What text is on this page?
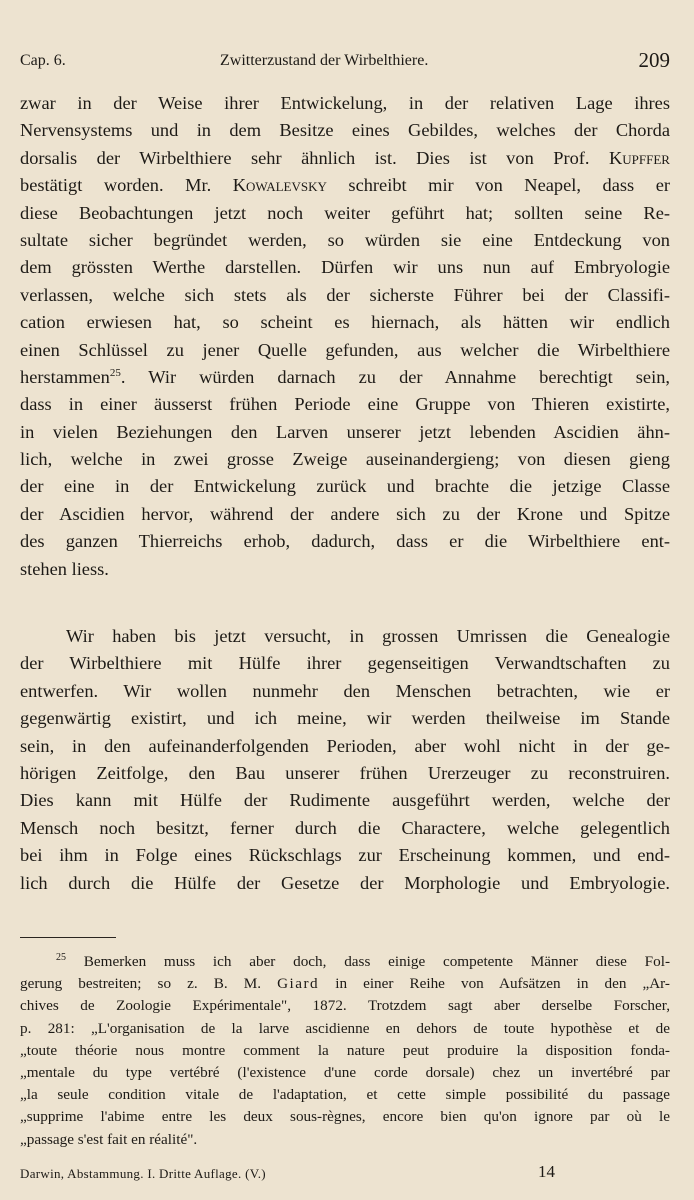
Cap. 6.	Zwitterzustand der Wirbelthiere.	209
zwar in der Weise ihrer Entwickelung, in der relativen Lage ihres
Nervensystems und in dem Besitze eines Gebildes, welches der Chorda
dorsalis der Wirbelthiere sehr ähnlich ist. Dies ist von Prof. Kupffer
bestätigt worden. Mr. Kowalevsky schreibt mir von Neapel, dass er
diese Beobachtungen jetzt noch weiter geführt hat; sollten seine Re-
sultate sicher begründet werden, so würden sie eine Entdeckung von
dem grössten Werthe darstellen. Dürfen wir uns nun auf Embryologie
verlassen, welche sich stets als der sicherste Führer bei der Classifi-
cation erwiesen hat, so scheint es hiernach, als hätten wir endlich
einen Schlüssel zu jener Quelle gefunden, aus welcher die Wirbelthiere
herstammen$^{25}$. Wir würden darnach zu der Annahme berechtigt sein,
dass in einer äusserst frühen Periode eine Gruppe von Thieren existirte,
in vielen Beziehungen den Larven unserer jetzt lebenden Ascidien ähn-
lich, welche in zwei grosse Zweige auseinandergieng; von diesen gieng
der eine in der Entwickelung zurück und brachte die jetzige Classe
der Ascidien hervor, während der andere sich zu der Krone und Spitze
des ganzen Thierreichs erhob, dadurch, dass er die Wirbelthiere ent-
stehen liess.
Wir haben bis jetzt versucht, in grossen Umrissen die Genealogie
der Wirbelthiere mit Hülfe ihrer gegenseitigen Verwandtschaften zu
entwerfen. Wir wollen nunmehr den Menschen betrachten, wie er
gegenwärtig existirt, und ich meine, wir werden theilweise im Stande
sein, in den aufeinanderfolgenden Perioden, aber wohl nicht in der ge-
hörigen Zeitfolge, den Bau unserer frühen Urerzeuger zu reconstruiren.
Dies kann mit Hülfe der Rudimente ausgeführt werden, welche der
Mensch noch besitzt, ferner durch die Charactere, welche gelegentlich
bei ihm in Folge eines Rückschlags zur Erscheinung kommen, und end-
lich durch die Hülfe der Gesetze der Morphologie und Embryologie.
$^{25}$ Bemerken muss ich aber doch, dass einige competente Männer diese Fol-
gerung bestreiten; so z. B. M. Giard in einer Reihe von Aufsätzen in den „Ar-
chives de Zoologie Expérimentale", 1872. Trotzdem sagt aber derselbe Forscher,
p. 281: „L'organisation de la larve ascidienne en dehors de toute hypothèse et de
„toute théorie nous montre comment la nature peut produire la disposition fonda-
„mentale du type vertébré (l'existence d'une corde dorsale) chez un invertébré par
„la seule condition vitale de l'adaptation, et cette simple possibilité du passage
„supprime l'abime entre les deux sous-règnes, encore bien qu'on ignore par où le
„passage s'est fait en réalité".
Darwin, Abstammung. I. Dritte Auflage. (V.)	14
